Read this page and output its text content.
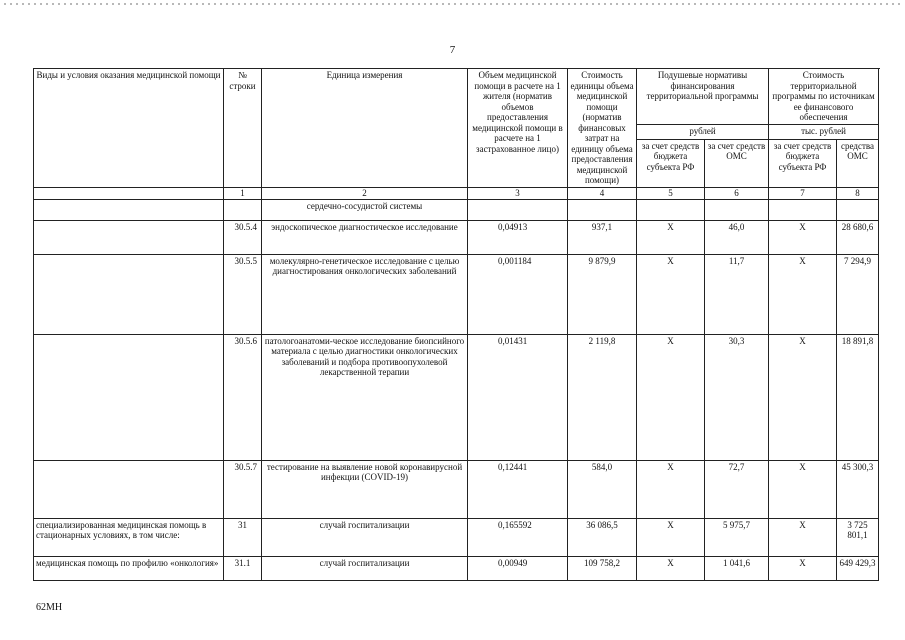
7
Виды и условия оказания медицинской помощи	№ строки	Единица измерения	Объем медицинской помощи в расчете на 1 жителя (норматив объемов предоставления медицинской помощи в расчете на 1 застрахованное лицо)	Стоимость единицы объема медицинской помощи (норматив финансовых затрат на единицу объема предоставления медицинской помощи)	Подушевые нормативы финансирования территориальной программы		Стоимость территориальной программы по источникам ее финансового обеспечения		
					рублей		тыс. рублей	
					за счет средств бюджета субъекта РФ	за счет средств ОМС	за счет средств бюджета субъекта РФ	средства ОМС	

	1	2	3	4	5	6	7	8	
		сердечно-сосудистой системы							
	30.5.4	эндоскопическое диагностическое исследование	0,04913	937,1	X	46,0	X	28 680,6	
	30.5.5	молекулярно-генетическое исследование с целью диагностирования онкологических заболеваний	0,001184	9 879,9	X	11,7	X	7 294,9	
	30.5.6	патологоанатоми-ческое исследование биопсийного материала с целью диагностики онкологических заболеваний и подбора противоопухолевой лекарственной терапии	0,01431	2 119,8	X	30,3	X	18 891,8	
	30.5.7	тестирование на выявление новой коронавирусной инфекции (COVID-19)	0,12441	584,0	X	72,7	X	45 300,3	
специализированная медицинская помощь в стационарных условиях, в том числе:	31	случай госпитализации	0,165592	36 086,5	X	5 975,7	X	3 725 801,1	
медицинская помощь по профилю «онкология»	31.1	случай госпитализации	0,00949	109 758,2	X	1 041,6	X	649 429,3	
62МН
